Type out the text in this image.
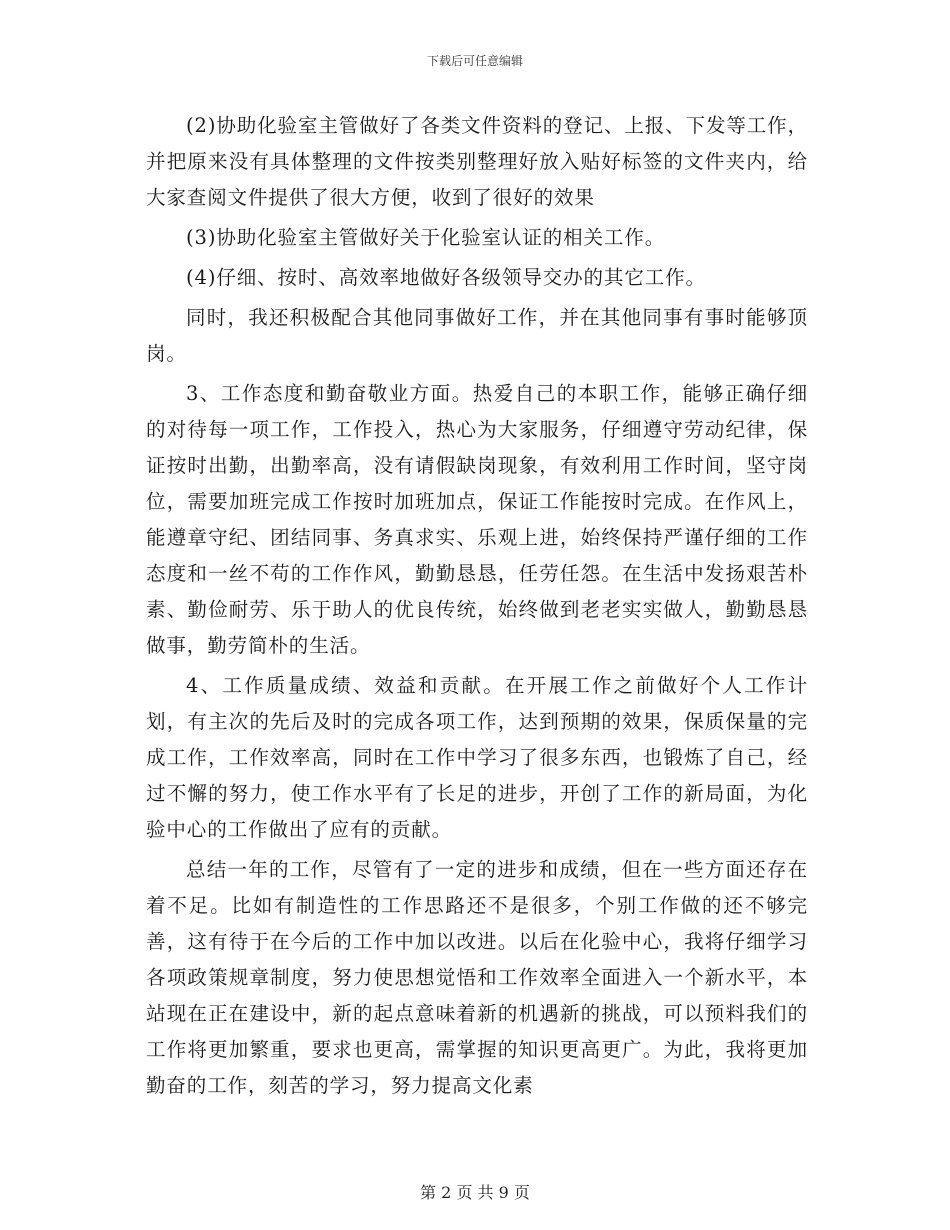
下载后可任意编辑

(2)协助化验室主管做好了各类文件资料的登记、上报、下发等工作，并把原来没有具体整理的文件按类别整理好放入贴好标签的文件夹内，给大家查阅文件提供了很大方便，收到了很好的效果

(3)协助化验室主管做好关于化验室认证的相关工作。

(4)仔细、按时、高效率地做好各级领导交办的其它工作。

同时，我还积极配合其他同事做好工作，并在其他同事有事时能够顶岗。

3、工作态度和勤奋敬业方面。热爱自己的本职工作，能够正确仔细的对待每一项工作，工作投入，热心为大家服务，仔细遵守劳动纪律，保证按时出勤，出勤率高，没有请假缺岗现象，有效利用工作时间，坚守岗位，需要加班完成工作按时加班加点，保证工作能按时完成。在作风上，能遵章守纪、团结同事、务真求实、乐观上进，始终保持严谨仔细的工作态度和一丝不苟的工作作风，勤勤恳恳，任劳任怨。在生活中发扬艰苦朴素、勤俭耐劳、乐于助人的优良传统，始终做到老老实实做人，勤勤恳恳做事，勤劳简朴的生活。

4、工作质量成绩、效益和贡献。在开展工作之前做好个人工作计划，有主次的先后及时的完成各项工作，达到预期的效果，保质保量的完成工作，工作效率高，同时在工作中学习了很多东西，也锻炼了自己，经过不懈的努力，使工作水平有了长足的进步，开创了工作的新局面，为化验中心的工作做出了应有的贡献。

总结一年的工作，尽管有了一定的进步和成绩，但在一些方面还存在着不足。比如有制造性的工作思路还不是很多，个别工作做的还不够完善，这有待于在今后的工作中加以改进。以后在化验中心，我将仔细学习各项政策规章制度，努力使思想觉悟和工作效率全面进入一个新水平，本站现在正在建设中，新的起点意味着新的机遇新的挑战，可以预料我们的工作将更加繁重，要求也更高，需掌握的知识更高更广。为此，我将更加勤奋的工作，刻苦的学习，努力提高文化素

第 2 页 共 9 页
